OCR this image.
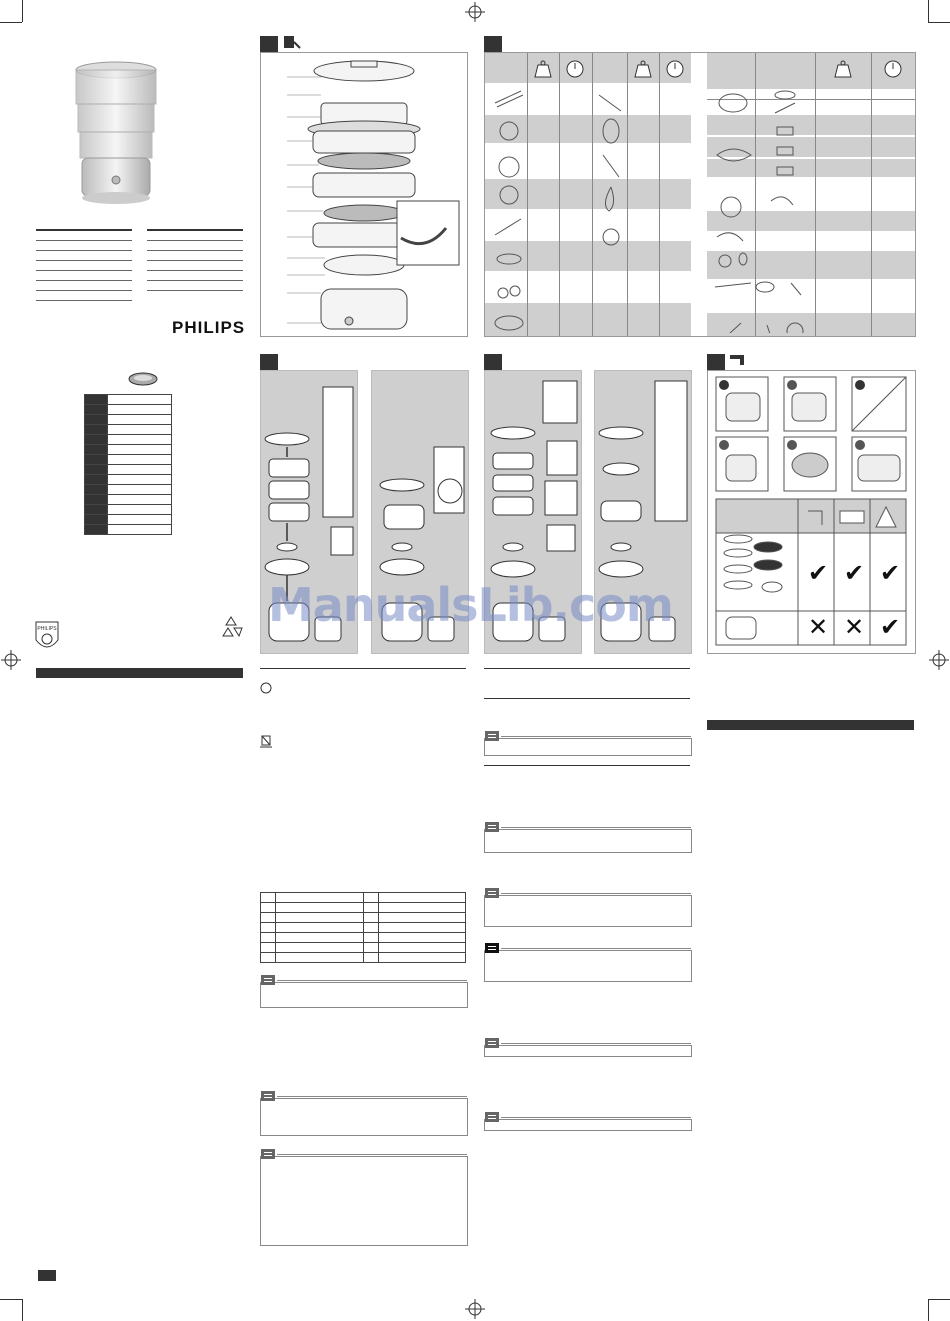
PHILIPS

PHILIPS
✔ ✔ ✔
✕ ✕ ✔

ManualsLib.com
